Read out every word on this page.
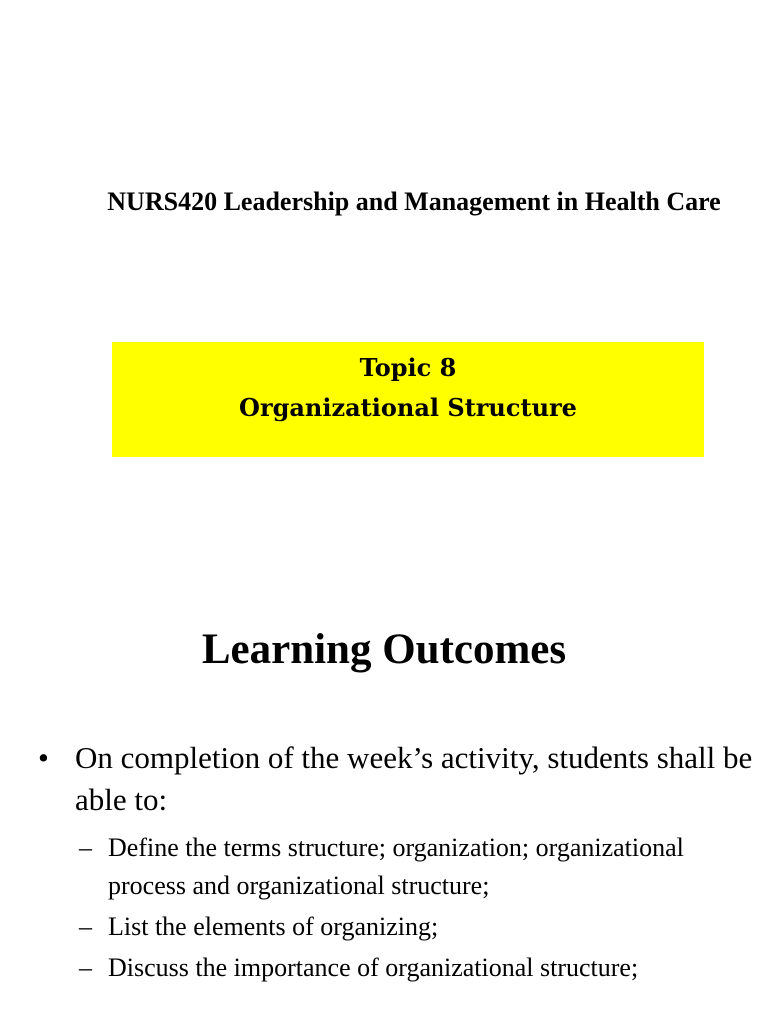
NURS420 Leadership and Management in Health Care
Topic 8
Organizational Structure
Learning Outcomes
• On completion of the week’s activity, students shall be able to:
– Define the terms structure; organization; organizational process and organizational structure;
– List the elements of organizing;
– Discuss the importance of organizational structure;
